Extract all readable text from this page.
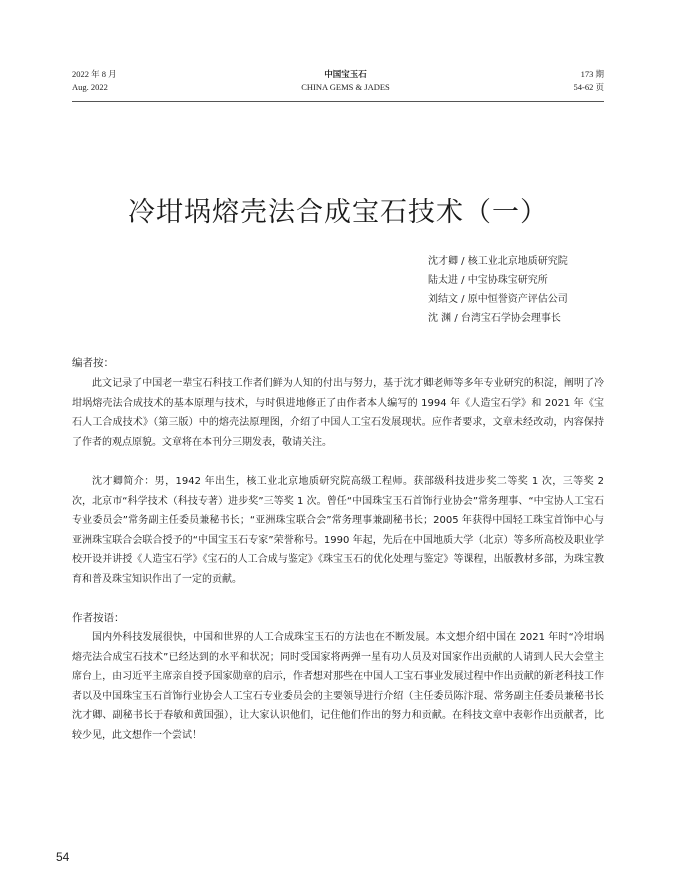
2022 年 8 月
Aug. 2022
中国宝玉石
CHINA GEMS & JADES
173 期
54-62 页
冷坩埚熔壳法合成宝石技术（一）
沈才卿 / 核工业北京地质研究院
陆太进 / 中宝协珠宝研究所
刘结文 / 原中恒誉资产评估公司
沈 渊 / 台湾宝石学协会理事长
编者按：
此文记录了中国老一辈宝石科技工作者们鲜为人知的付出与努力，基于沈才卿老师等多年专业研究的积淀，阐明了冷坩埚熔壳法合成技术的基本原理与技术，与时俱进地修正了由作者本人编写的 1994 年《人造宝石学》和 2021 年《宝石人工合成技术》（第三版）中的熔壳法原理图，介绍了中国人工宝石发展现状。应作者要求，文章未经改动，内容保持了作者的观点原貌。文章将在本刊分三期发表，敬请关注。
沈才卿简介：男，1942 年出生，核工业北京地质研究院高级工程师。获部级科技进步奖二等奖 1 次，三等奖 2 次，北京市“科学技术（科技专著）进步奖”三等奖 1 次。曾任“中国珠宝玉石首饰行业协会”常务理事、“中宝协人工宝石专业委员会”常务副主任委员兼秘书长；“亚洲珠宝联合会”常务理事兼副秘书长；2005 年获得中国轻工珠宝首饰中心与亚洲珠宝联合会联合授予的“中国宝玉石专家”荣誉称号。1990 年起，先后在中国地质大学（北京）等多所高校及职业学校开设并讲授《人造宝石学》《宝石的人工合成与鉴定》《珠宝玉石的优化处理与鉴定》等课程，出版教材多部，为珠宝教育和普及珠宝知识作出了一定的贡献。
作者按语：
国内外科技发展很快，中国和世界的人工合成珠宝玉石的方法也在不断发展。本文想介绍中国在 2021 年时“冷坩埚熔壳法合成宝石技术”已经达到的水平和状况；同时受国家将两弹一星有功人员及对国家作出贡献的人请到人民大会堂主席台上，由习近平主席亲自授予国家勋章的启示，作者想对那些在中国人工宝石事业发展过程中作出贡献的新老科技工作者以及中国珠宝玉石首饰行业协会人工宝石专业委员会的主要领导进行介绍（主任委员陈汴琨、常务副主任委员兼秘书长沈才卿、副秘书长于春敏和黄国强），让大家认识他们，记住他们作出的努力和贡献。在科技文章中表彰作出贡献者，比较少见，此文想作一个尝试！
54
